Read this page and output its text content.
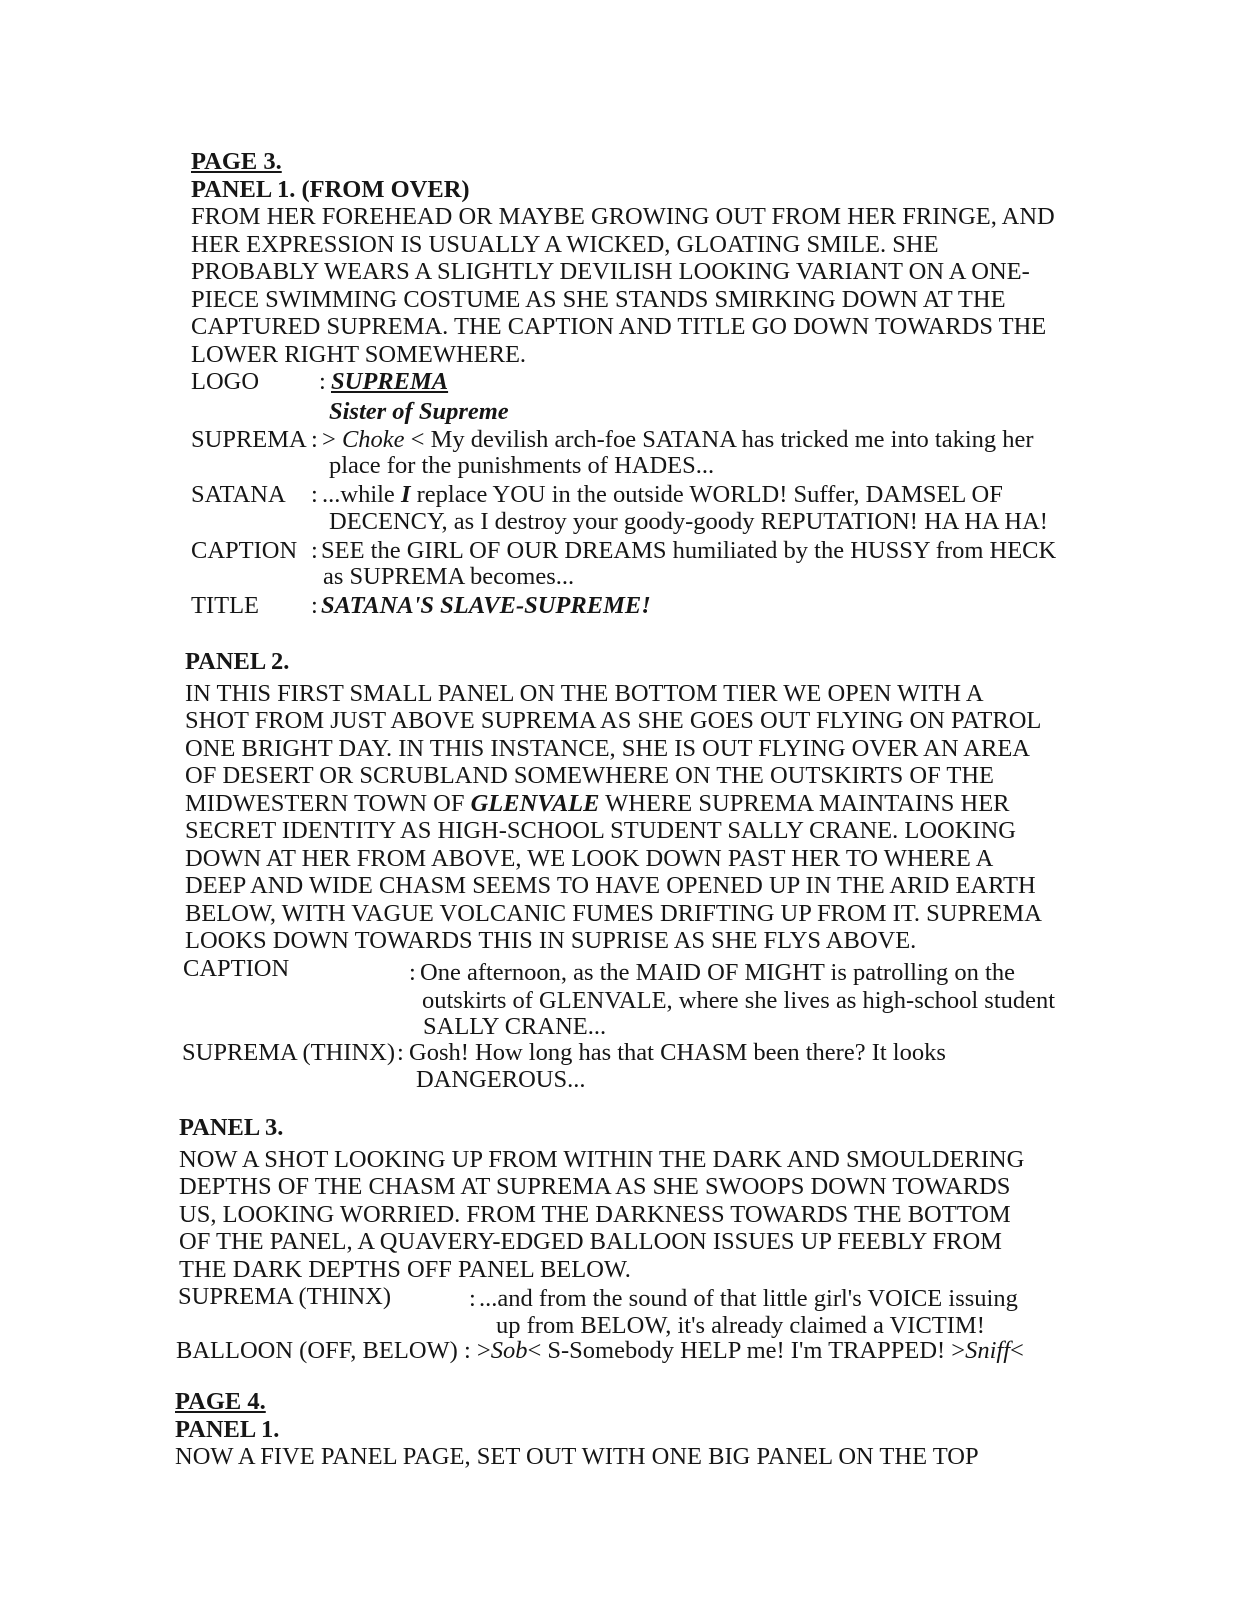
PAGE 3.
PANEL 1. (FROM OVER)
FROM HER FOREHEAD OR MAYBE GROWING OUT FROM HER FRINGE, AND
HER EXPRESSION IS USUALLY A WICKED, GLOATING SMILE. SHE
PROBABLY WEARS A SLIGHTLY DEVILISH LOOKING VARIANT ON A ONE-
PIECE SWIMMING COSTUME AS SHE STANDS SMIRKING DOWN AT THE
CAPTURED SUPREMA. THE CAPTION AND TITLE GO DOWN TOWARDS THE
LOWER RIGHT SOMEWHERE.
LOGO : SUPREMA
Sister of Supreme
SUPREMA : > Choke < My devilish arch-foe SATANA has tricked me into taking her
place for the punishments of HADES...
SATANA : ...while I replace YOU in the outside WORLD! Suffer, DAMSEL OF
DECENCY, as I destroy your goody-goody REPUTATION! HA HA HA!
CAPTION : SEE the GIRL OF OUR DREAMS humiliated by the HUSSY from HECK
as SUPREMA becomes...
TITLE : SATANA'S SLAVE-SUPREME!
PANEL 2.
IN THIS FIRST SMALL PANEL ON THE BOTTOM TIER WE OPEN WITH A
SHOT FROM JUST ABOVE SUPREMA AS SHE GOES OUT FLYING ON PATROL
ONE BRIGHT DAY. IN THIS INSTANCE, SHE IS OUT FLYING OVER AN AREA
OF DESERT OR SCRUBLAND SOMEWHERE ON THE OUTSKIRTS OF THE
MIDWESTERN TOWN OF GLENVALE WHERE SUPREMA MAINTAINS HER
SECRET IDENTITY AS HIGH-SCHOOL STUDENT SALLY CRANE. LOOKING
DOWN AT HER FROM ABOVE, WE LOOK DOWN PAST HER TO WHERE A
DEEP AND WIDE CHASM SEEMS TO HAVE OPENED UP IN THE ARID EARTH
BELOW, WITH VAGUE VOLCANIC FUMES DRIFTING UP FROM IT. SUPREMA
LOOKS DOWN TOWARDS THIS IN SUPRISE AS SHE FLYS ABOVE.
CAPTION	: One afternoon, as the MAID OF MIGHT is patrolling on the
outskirts of GLENVALE, where she lives as high-school student
SALLY CRANE...
SUPREMA (THINX) : Gosh! How long has that CHASM been there? It looks
DANGEROUS...
PANEL 3.
NOW A SHOT LOOKING UP FROM WITHIN THE DARK AND SMOULDERING
DEPTHS OF THE CHASM AT SUPREMA AS SHE SWOOPS DOWN TOWARDS
US, LOOKING WORRIED. FROM THE DARKNESS TOWARDS THE BOTTOM
OF THE PANEL, A QUAVERY-EDGED BALLOON ISSUES UP FEEBLY FROM
THE DARK DEPTHS OFF PANEL BELOW.
SUPREMA (THINX)	: ...and from the sound of that little girl's VOICE issuing
up from BELOW, it's already claimed a VICTIM!
BALLOON (OFF, BELOW) : >Sob< S-Somebody HELP me! I'm TRAPPED! >Sniff<
PAGE 4.
PANEL 1.
NOW A FIVE PANEL PAGE, SET OUT WITH ONE BIG PANEL ON THE TOP
